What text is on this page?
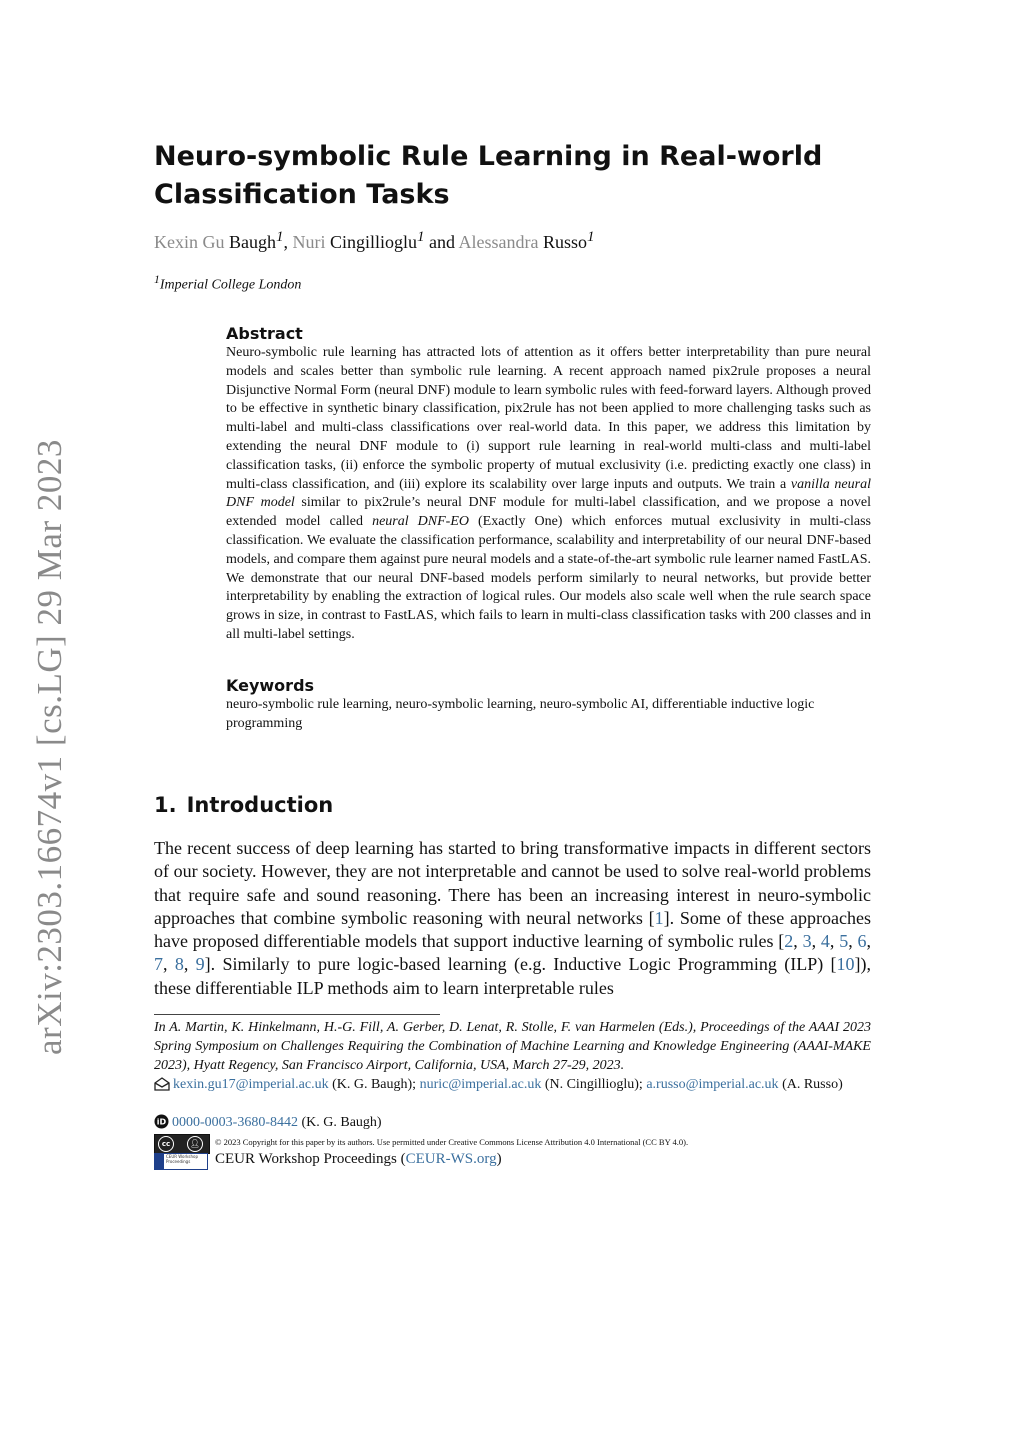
arXiv:2303.16674v1 [cs.LG] 29 Mar 2023
Neuro-symbolic Rule Learning in Real-world Classification Tasks
Kexin Gu Baugh$^1$, Nuri Cingillioglu$^1$ and Alessandra Russo$^1$
$^1$Imperial College London
Abstract

Neuro-symbolic rule learning has attracted lots of attention as it offers better interpretability than pure neural models and scales better than symbolic rule learning. A recent approach named pix2rule proposes a neural Disjunctive Normal Form (neural DNF) module to learn symbolic rules with feed-forward layers. Although proved to be effective in synthetic binary classification, pix2rule has not been applied to more challenging tasks such as multi-label and multi-class classifications over real-world data. In this paper, we address this limitation by extending the neural DNF module to (i) support rule learning in real-world multi-class and multi-label classification tasks, (ii) enforce the symbolic property of mutual exclusivity (i.e. predicting exactly one class) in multi-class classification, and (iii) explore its scalability over large inputs and outputs. We train a vanilla neural DNF model similar to pix2rule’s neural DNF module for multi-label classification, and we propose a novel extended model called neural DNF-EO (Exactly One) which enforces mutual exclusivity in multi-class classification. We evaluate the classification performance, scalability and interpretability of our neural DNF-based models, and compare them against pure neural models and a state-of-the-art symbolic rule learner named FastLAS. We demonstrate that our neural DNF-based models perform similarly to neural networks, but provide better interpretability by enabling the extraction of logical rules. Our models also scale well when the rule search space grows in size, in contrast to FastLAS, which fails to learn in multi-class classification tasks with 200 classes and in all multi-label settings.

Keywords

neuro-symbolic rule learning, neuro-symbolic learning, neuro-symbolic AI, differentiable inductive logic programming

1. Introduction

The recent success of deep learning has started to bring transformative impacts in different sectors of our society. However, they are not interpretable and cannot be used to solve real-world problems that require safe and sound reasoning. There has been an increasing interest in neuro-symbolic approaches that combine symbolic reasoning with neural networks [1]. Some of these approaches have proposed differentiable models that support inductive learning of symbolic rules [2, 3, 4, 5, 6, 7, 8, 9]. Similarly to pure logic-based learning (e.g. Inductive Logic Programming (ILP) [10]), these differentiable ILP methods aim to learn interpretable rules

In A. Martin, K. Hinkelmann, H.-G. Fill, A. Gerber, D. Lenat, R. Stolle, F. van Harmelen (Eds.), Proceedings of the AAAI 2023 Spring Symposium on Challenges Requiring the Combination of Machine Learning and Knowledge Engineering (AAAI-MAKE 2023), Hyatt Regency, San Francisco Airport, California, USA, March 27-29, 2023.
kexin.gu17@imperial.ac.uk (K. G. Baugh); nuric@imperial.ac.uk (N. Cingillioglu); a.russo@imperial.ac.uk (A. Russo)
iD 0000-0003-3680-8442 (K. G. Baugh)
cc	👤︎	© 2023 Copyright for this paper by its authors. Use permitted under Creative Commons License Attribution 4.0 International (CC BY 4.0).
CEUR Workshop Proceedings	CEUR Workshop Proceedings (CEUR-WS.org)
